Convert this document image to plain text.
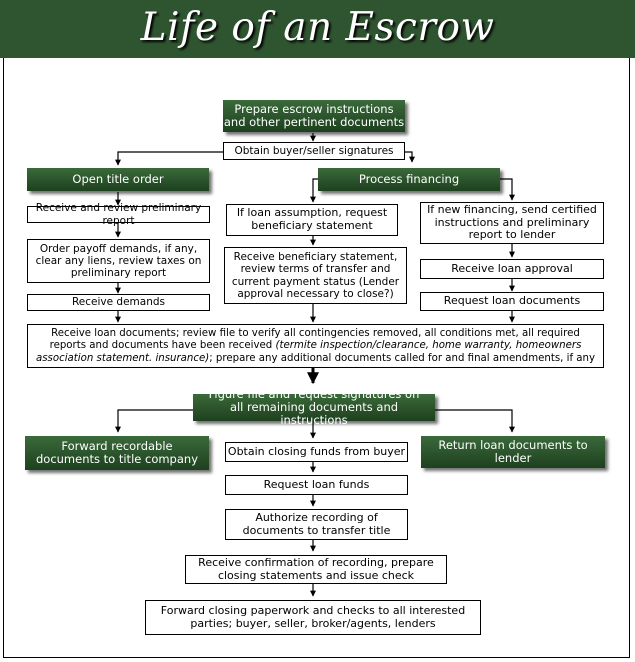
Life of an Escrow
Prepare escrow instructions and other pertinent documents
Obtain buyer/seller signatures
Open title order	Process financing
Receive and review preliminary report
Order payoff demands, if any, clear any liens, review taxes on preliminary report
Receive demands
If loan assumption, request beneficiary statement
Receive beneficiary statement, review terms of transfer and current payment status (Lender approval necessary to close?)
If new financing, send certified instructions and preliminary report to lender
Receive loan approval
Request loan documents
Receive loan documents; review file to verify all contingencies removed, all conditions met, all required reports and documents have been received (termite inspection/clearance, home warranty, homeowners association statement. insurance); prepare any additional documents called for and final amendments, if any
Figure file and request signatures on all remaining documents and instructions
Forward recordable documents to title company
Obtain closing funds from buyer	Return loan documents to lender
Request loan funds
Authorize recording of documents to transfer title
Receive confirmation of recording, prepare closing statements and issue check
Forward closing paperwork and checks to all interested parties; buyer, seller, broker/agents, lenders
